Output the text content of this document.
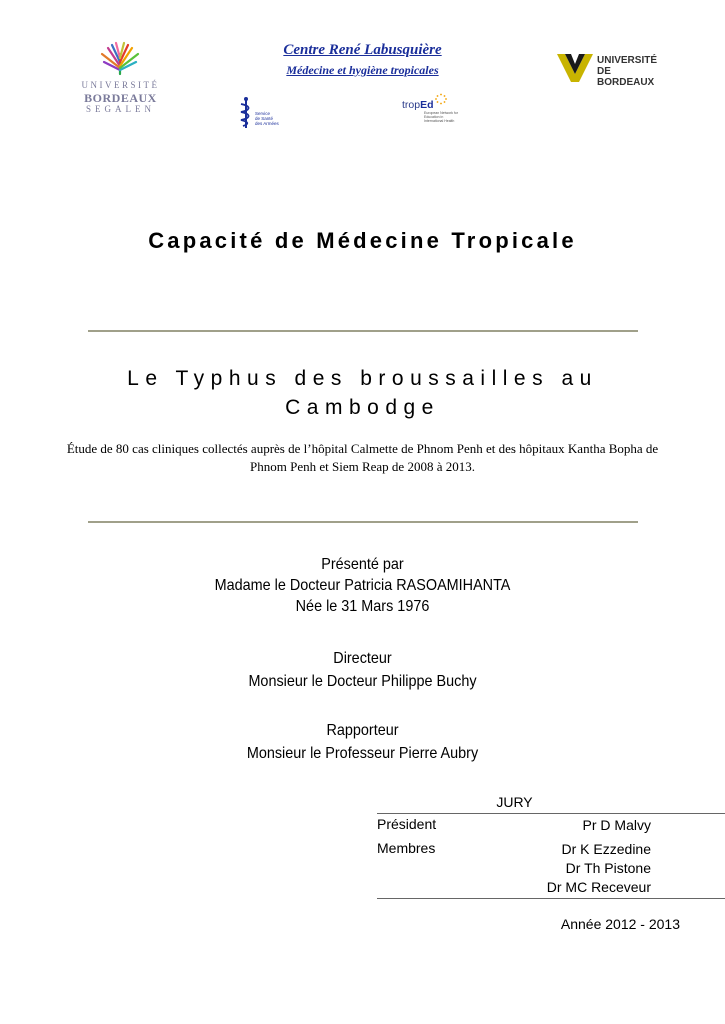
UNIVERSITÉ
BORDEAUX
SEGALEN
Centre René Labusquière
Médecine et hygiène tropicales
UNIVERSITÉ DE
BORDEAUX
Service
de Santé
des Armées
tropEd
European Network for Education in International Health
Capacité de Médecine Tropicale
Le Typhus des broussailles au
Cambodge
Étude de 80 cas cliniques collectés auprès de l’hôpital Calmette de Phnom Penh et des hôpitaux Kantha Bopha de Phnom Penh et Siem Reap de 2008 à 2013.
Présenté par
Madame le Docteur Patricia RASOAMIHANTA
Née le 31 Mars 1976
Directeur
Monsieur le Docteur Philippe Buchy
Rapporteur
Monsieur le Professeur Pierre Aubry
JURY
Président	Pr D Malvy
Membres	Dr K Ezzedine
Dr Th Pistone
Dr MC Receveur
Année 2012 - 2013
